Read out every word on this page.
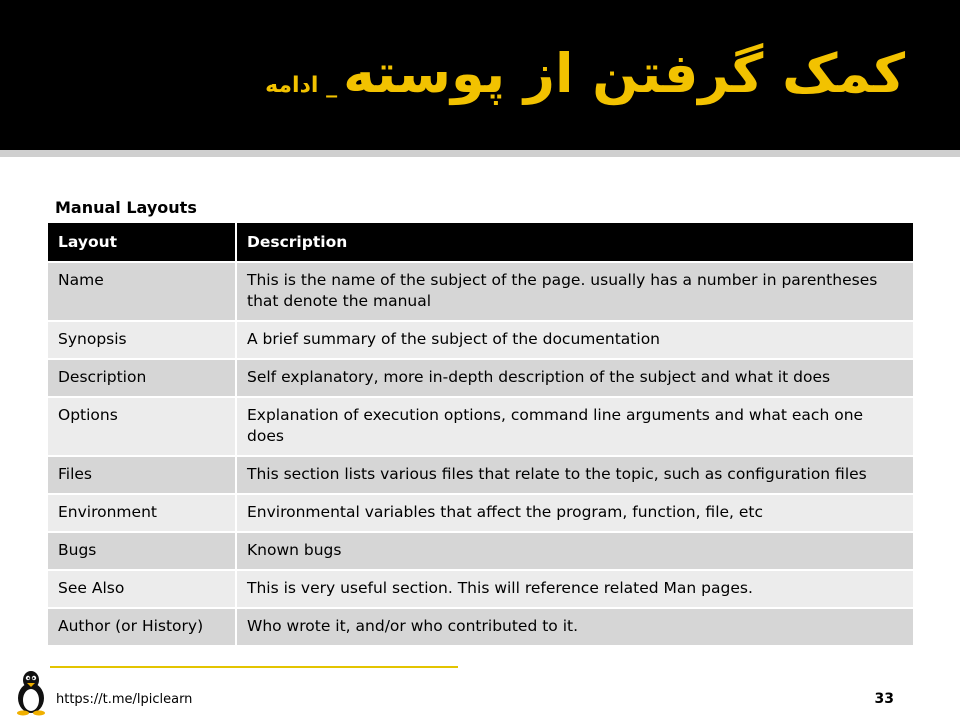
کمک گرفتن از پوسته_ ادامه
Manual Layouts
Layout	Description
Name	This is the name of the subject of the page. usually has a number in parentheses that denote the manual
Synopsis	A brief summary of the subject of the documentation
Description	Self explanatory, more in-depth description of the subject and what it does
Options	Explanation of execution options, command line arguments and what each one does
Files	This section lists various files that relate to the topic, such as configuration files
Environment	Environmental variables that affect the program, function, file, etc
Bugs	Known bugs
See Also	This is very useful section. This will reference related Man pages.
Author (or History)	Who wrote it, and/or who contributed to it.
https://t.me/lpiclearn	33
